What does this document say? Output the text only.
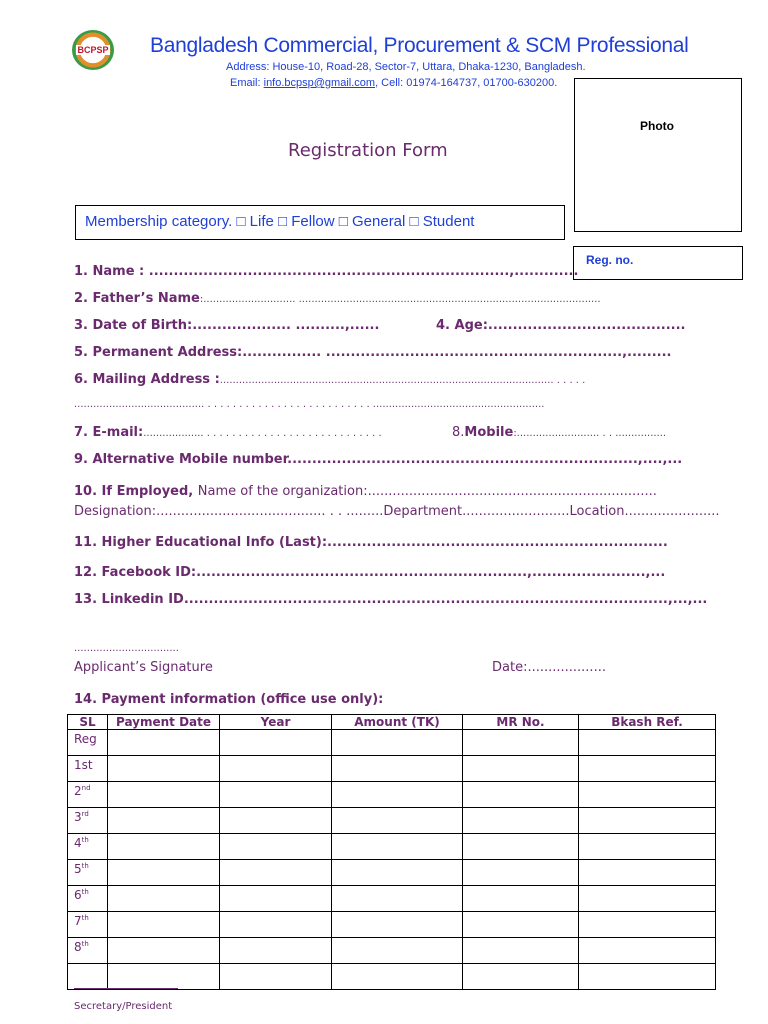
BCPSP Bangladesh Commercial, Procurement & SCM Professional
Address: House-10, Road-28, Sector-7, Uttara, Dhaka-1230, Bangladesh.
Email: info.bcpsp@gmail.com, Cell: 01974-164737, 01700-630200.
Photo
Registration Form
Membership category. □ Life □ Fellow □ General □ Student
Reg. no.
1. Name : .........................................................................,.............
2. Father’s Name:............................. ...............................................................................................
3. Date of Birth:.................... ..........,......	4. Age:........................................
5. Permanent Address:................ ............................................................,.........
6. Mailing Address :......................................................................................................... . . . . .
......................................... . . . . . . . . . . . . . . . . . . . . . . . . . . ......................................................
7. E-mail:................... . . . . . . . . . . . . . . . . . . . . . . . . . . . .	8.Mobile:.......................... . . ................
9. Alternative Mobile number.......................................................................,....,...
10. If Employed, Name of the organization:......................................................................
Designation:......................................... . . .........Department..........................Location.......................
11. Higher Educational Info (Last):.....................................................................
12. Facebook ID:...................................................................,.......................,...
13. Linkedin ID..................................................................................................,...,...
.................................
Applicant’s Signature	Date:...................
14. Payment information (office use only):
SL	Payment Date	Year	Amount (TK)	MR No.	Bkash Ref.
Reg					
1st					
2nd					
3rd					
4th					
5th					
6th					
7th					
8th					

Secretary/President
